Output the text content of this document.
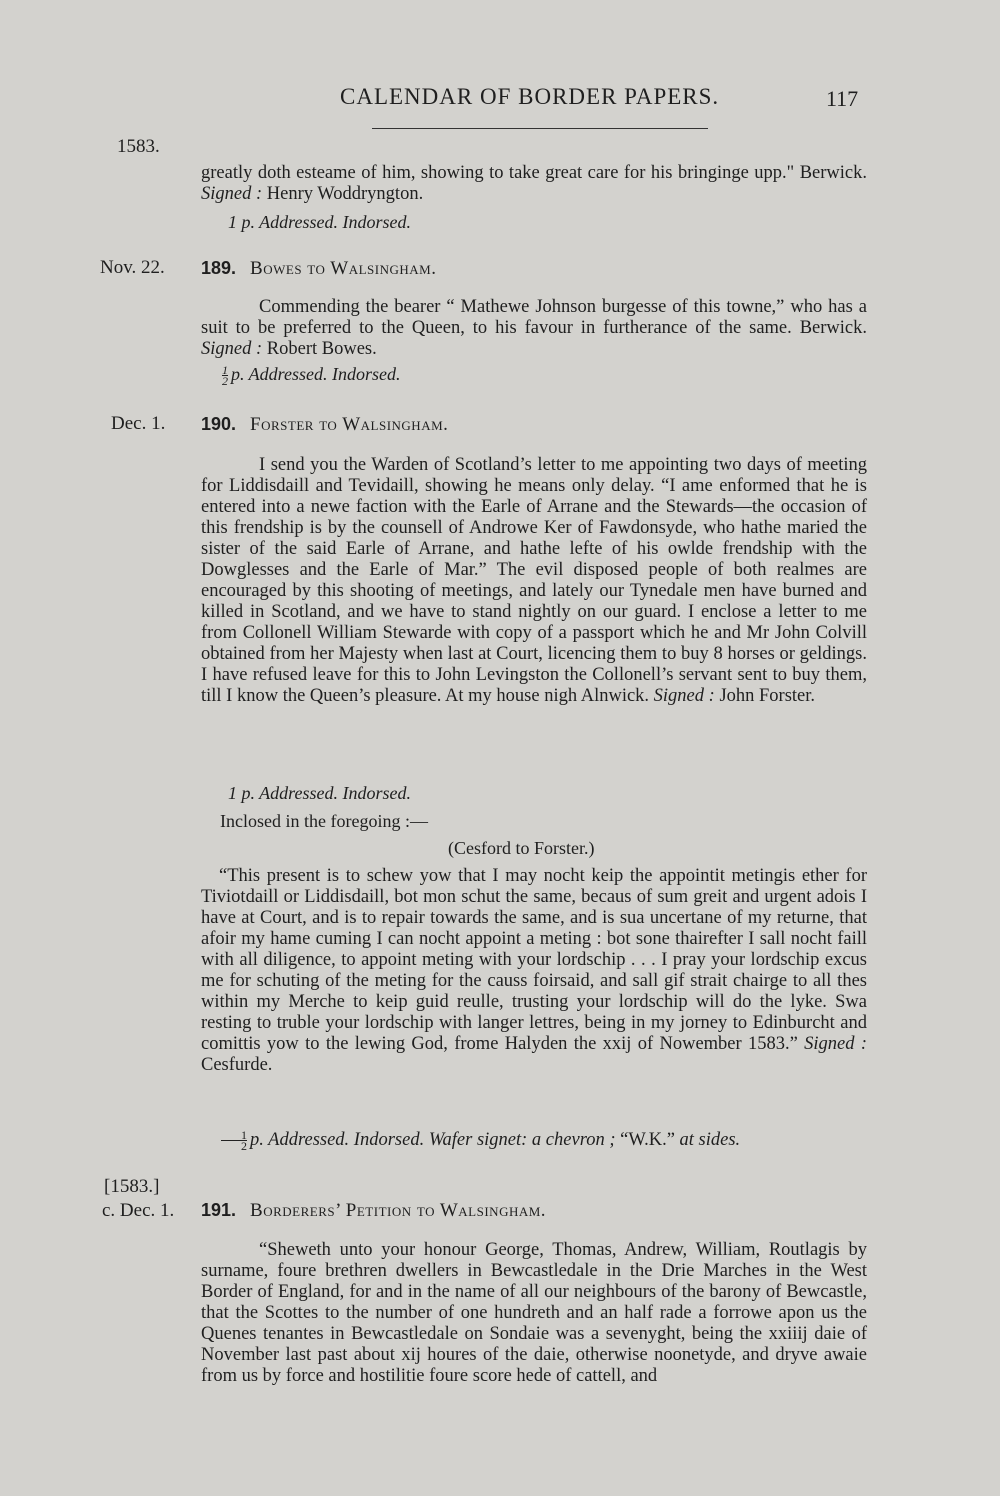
CALENDAR OF BORDER PAPERS.	117
1583.
greatly doth esteame of him, showing to take great care for his bringinge upp." Berwick. Signed : Henry Woddryngton.
1 p. Addressed. Indorsed.
Nov. 22. 189. Bowes to Walsingham.
Commending the bearer “ Mathewe Johnson burgesse of this towne,” who has a suit to be preferred to the Queen, to his favour in furtherance of the same. Berwick. Signed : Robert Bowes.
$\frac{1}{2} p$. Addressed. Indorsed.
Dec. 1. 190. Forster to Walsingham.
I send you the Warden of Scotland’s letter to me appointing two days of meeting for Liddisdaill and Tevidaill, showing he means only delay. “I ame enformed that he is entered into a newe faction with the Earle of Arrane and the Stewards—the occasion of this frendship is by the counsell of Androwe Ker of Fawdonsyde, who hathe maried the sister of the said Earle of Arrane, and hathe lefte of his owlde frendship with the Dowglesses and the Earle of Mar.” The evil disposed people of both realmes are encouraged by this shooting of meetings, and lately our Tynedale men have burned and killed in Scotland, and we have to stand nightly on our guard. I enclose a letter to me from Collonell William Stewarde with copy of a passport which he and Mr John Colvill obtained from her Majesty when last at Court, licencing them to buy 8 horses or geldings. I have refused leave for this to John Levingston the Collonell’s servant sent to buy them, till I know the Queen’s pleasure. At my house nigh Alnwick. Signed : John Forster.
1 p. Addressed. Indorsed.
Inclosed in the foregoing :—
(Cesford to Forster.)
“This present is to schew yow that I may nocht keip the appointit metingis ether for Tiviotdaill or Liddisdaill, bot mon schut the same, becaus of sum greit and urgent adois I have at Court, and is to repair towards the same, and is sua uncertane of my returne, that afoir my hame cuming I can nocht appoint a meting : bot sone thairefter I sall nocht faill with all diligence, to appoint meting with your lordschip . . . I pray your lordschip excus me for schuting of the meting for the causs foirsaid, and sall gif strait chairge to all thes within my Merche to keip guid reulle, trusting your lordschip will do the lyke. Swa resting to truble your lordschip with langer lettres, being in my jorney to Edinburcht and comittis yow to the lewing God, frome Halyden the xxij of Nowember 1583.” Signed : Cesfurde.
$\frac{1}{2} p$. Addressed. Indorsed. Wafer signet: a chevron ; “W.K.” at sides.
[1583.]
c. Dec. 1. 191. Borderers’ Petition to Walsingham.
“Sheweth unto your honour George, Thomas, Andrew, William, Routlagis by surname, foure brethren dwellers in Bewcastledale in the Drie Marches in the West Border of England, for and in the name of all our neighbours of the barony of Bewcastle, that the Scottes to the number of one hundreth and an half rade a forrowe apon us the Quenes tenantes in Bewcastledale on Sondaie was a sevenyght, being the xxiiij daie of November last past about xij houres of the daie, otherwise noonetyde, and dryve awaie from us by force and hostilitie foure score hede of cattell, and
